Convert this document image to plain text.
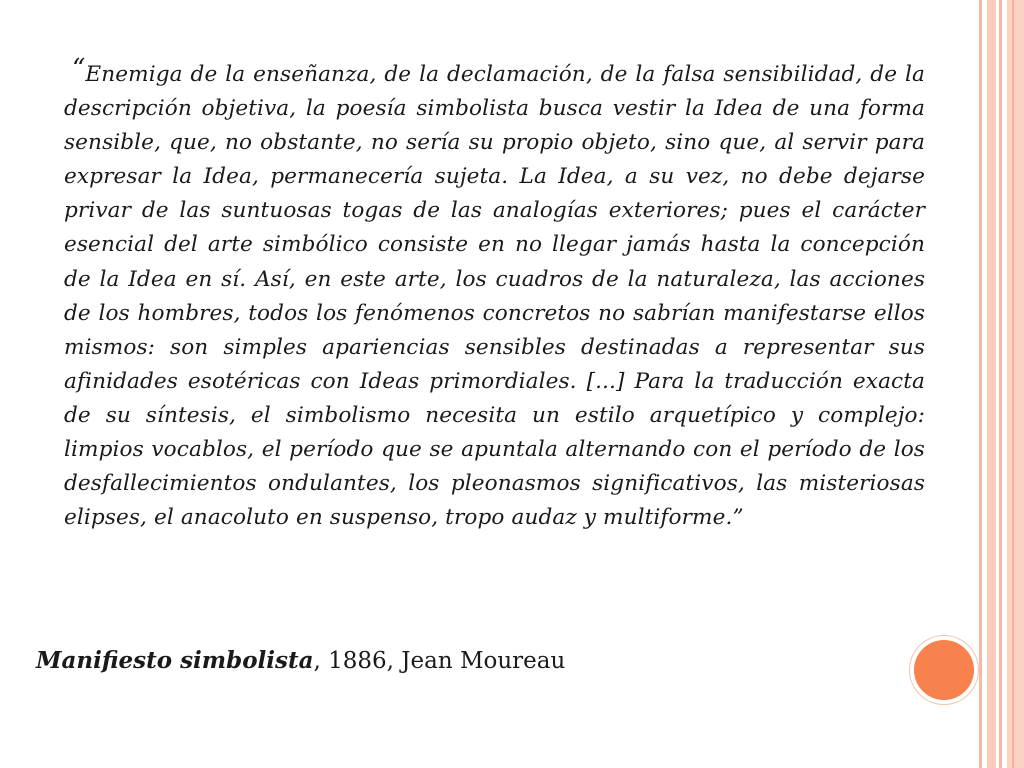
“Enemiga de la enseñanza, de la declamación, de la falsa sensibilidad, de la descripción objetiva, la poesía simbolista busca vestir la Idea de una forma sensible, que, no obstante, no sería su propio objeto, sino que, al servir para expresar la Idea, permanecería sujeta. La Idea, a su vez, no debe dejarse privar de las suntuosas togas de las analogías exteriores; pues el carácter esencial del arte simbólico consiste en no llegar jamás hasta la concepción de la Idea en sí. Así, en este arte, los cuadros de la naturaleza, las acciones de los hombres, todos los fenómenos concretos no sabrían manifestarse ellos mismos: son simples apariencias sensibles destinadas a representar sus afinidades esotéricas con Ideas primordiales. [...] Para la traducción exacta de su síntesis, el simbolismo necesita un estilo arquetípico y complejo: limpios vocablos, el período que se apuntala alternando con el período de los desfallecimientos ondulantes, los pleonasmos significativos, las misteriosas elipses, el anacoluto en suspenso, tropo audaz y multiforme.”
Manifiesto simbolista, 1886, Jean Moureau
